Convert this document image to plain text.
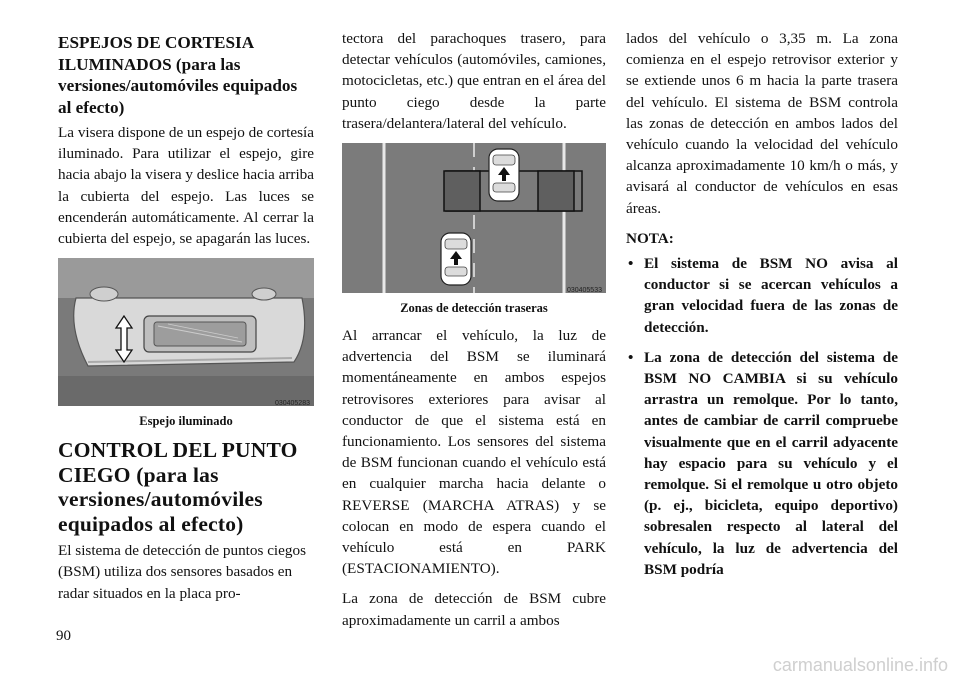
ESPEJOS DE CORTESIA ILUMINADOS (para las versiones/automóviles equipados al efecto)

La visera dispone de un espejo de cortesía iluminado. Para utilizar el espejo, gire hacia abajo la visera y deslice hacia arriba la cubierta del espejo. Las luces se encenderán automáticamente. Al cerrar la cubierta del espejo, se apagarán las luces.

030405283
Espejo iluminado
CONTROL DEL PUNTO CIEGO (para las versiones/automóviles equipados al efecto)

El sistema de detección de puntos ciegos (BSM) utiliza dos sensores basados en radar situados en la placa pro-

tectora del parachoques trasero, para detectar vehículos (automóviles, camiones, motocicletas, etc.) que entran en el área del punto ciego desde la parte trasera/delantera/lateral del vehículo.

030405533
Zonas de detección traseras

Al arrancar el vehículo, la luz de advertencia del BSM se iluminará momentáneamente en ambos espejos retrovisores exteriores para avisar al conductor de que el sistema está en funcionamiento. Los sensores del sistema de BSM funcionan cuando el vehículo está en cualquier marcha hacia delante o REVERSE (MARCHA ATRAS) y se colocan en modo de espera cuando el vehículo está en PARK (ESTACIONAMIENTO).

La zona de detección de BSM cubre aproximadamente un carril a ambos

lados del vehículo o 3,35 m. La zona comienza en el espejo retrovisor exterior y se extiende unos 6 m hacia la parte trasera del vehículo. El sistema de BSM controla las zonas de detección en ambos lados del vehículo cuando la velocidad del vehículo alcanza aproximadamente 10 km/h o más, y avisará al conductor de vehículos en esas áreas.

NOTA:
• El sistema de BSM NO avisa al conductor si se acercan vehículos a gran velocidad fuera de las zonas de detección.
• La zona de detección del sistema de BSM NO CAMBIA si su vehículo arrastra un remolque. Por lo tanto, antes de cambiar de carril compruebe visualmente que en el carril adyacente hay espacio para su vehículo y el remolque. Si el remolque u otro objeto (p. ej., bicicleta, equipo deportivo) sobresalen respecto al lateral del vehículo, la luz de advertencia del BSM podría
90
carmanualsonline.info
